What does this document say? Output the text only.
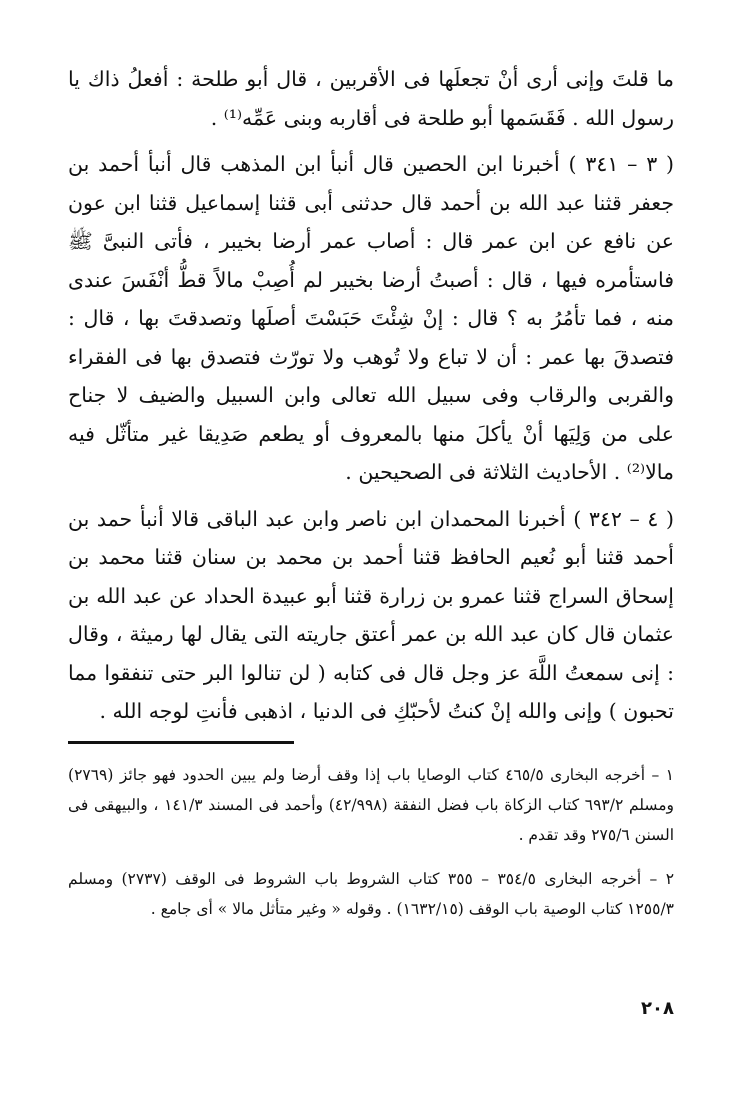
ما قلتَ وإنى أرى أنْ تجعلَها فى الأقربين ، قال أبو طلحة : أفعلُ ذاك يا رسول الله . فَقَسَمها أبو طلحة فى أقاربه وبنى عَمِّه⁽¹⁾ .

( ٣ – ٣٤١ ) أخبرنا ابن الحصين قال أنبأ ابن المذهب قال أنبأ أحمد بن جعفر قثنا عبد الله بن أحمد قال حدثنى أبى قثنا إسماعيل قثنا ابن عون عن نافع عن ابن عمر قال : أصاب عمر أرضا بخيبر ، فأتى النبىَّ ﷺ فاستأمره فيها ، قال : أصبتُ أرضا بخيبر لم أُصِبْ مالاً قطُّ أنْفَسَ عندى منه ، فما تأمُرُ به ؟ قال : إنْ شِئْتَ حَبَسْتَ أصلَها وتصدقتَ بها ، قال : فتصدقَ بها عمر : أن لا تباع ولا تُوهب ولا تورّث فتصدق بها فى الفقراء والقربى والرقاب وفى سبيل الله تعالى وابن السبيل والضيف لا جناح على من وَلِيَها أنْ يأكلَ منها بالمعروف أو يطعم صَدِيقا غير متأثّل فيه مالا⁽²⁾ . الأحاديث الثلاثة فى الصحيحين .

( ٤ – ٣٤٢ ) أخبرنا المحمدان ابن ناصر وابن عبد الباقى قالا أنبأ حمد بن أحمد قثنا أبو نُعيم الحافظ قثنا أحمد بن محمد بن سنان قثنا محمد بن إسحاق السراج قثنا عمرو بن زرارة قثنا أبو عبيدة الحداد عن عبد الله بن عثمان قال كان عبد الله بن عمر أعتق جاريته التى يقال لها رميثة ، وقال : إنى سمعتُ اللَّهَ عز وجل قال فى كتابه ( لن تنالوا البر حتى تنفقوا مما تحبون ) وإنى والله إنْ كنتُ لأحبّكِ فى الدنيا ، اذهبى فأنتِ لوجه الله .

١ – أخرجه البخارى ٤٦٥/٥ كتاب الوصايا باب إذا وقف أرضا ولم يبين الحدود فهو جائز (٢٧٦٩) ومسلم ٦٩٣/٢ كتاب الزكاة باب فضل النفقة (٤٢/٩٩٨) وأحمد فى المسند ١٤١/٣ ، والبيهقى فى السنن ٢٧٥/٦ وقد تقدم .

٢ – أخرجه البخارى ٣٥٤/٥ – ٣٥٥ كتاب الشروط باب الشروط فى الوقف (٢٧٣٧) ومسلم ١٢٥٥/٣ كتاب الوصية باب الوقف (١٦٣٢/١٥) . وقوله « وغير متأثل مالا » أى جامع .

٢٠٨
